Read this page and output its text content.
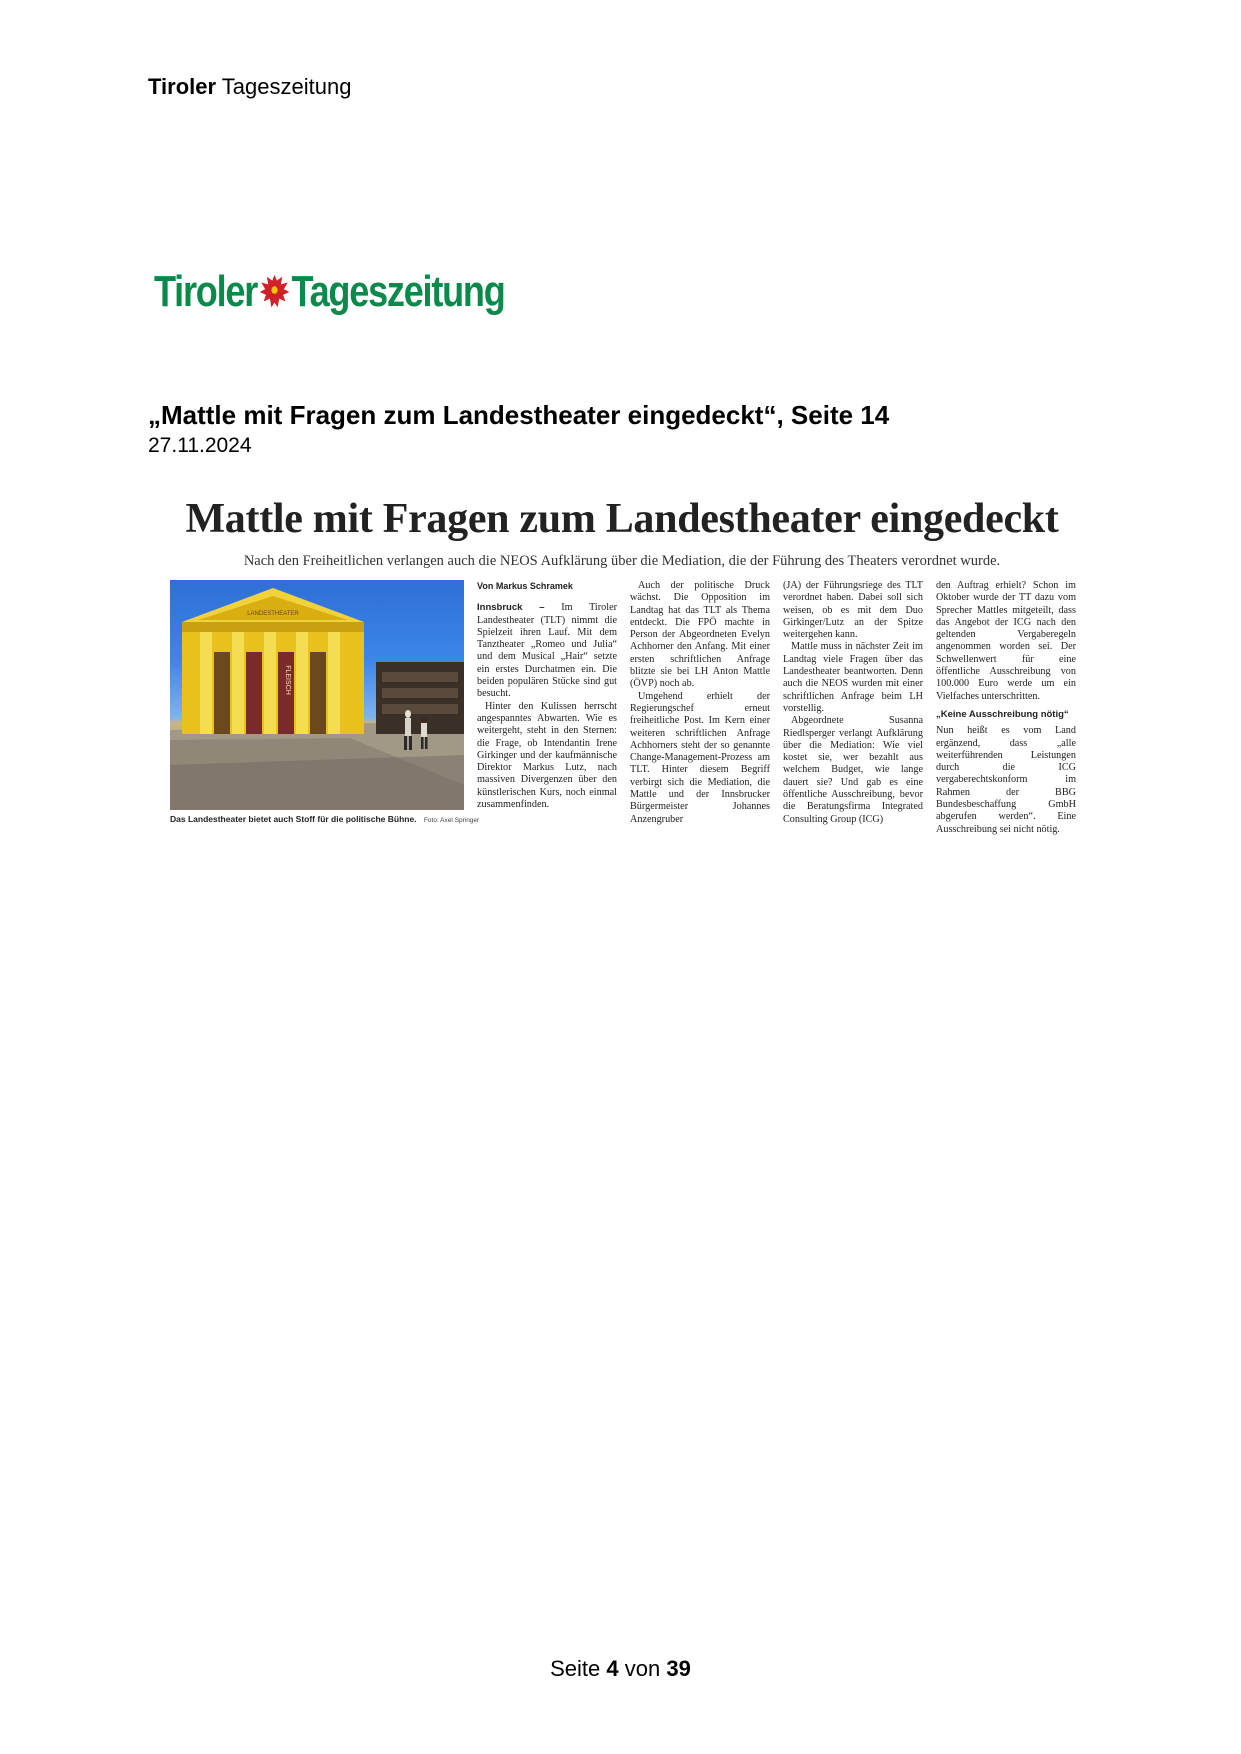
Tiroler Tageszeitung
Tiroler Tageszeitung
„Mattle mit Fragen zum Landestheater eingedeckt“, Seite 14
27.11.2024
Mattle mit Fragen zum Landestheater eingedeckt
Nach den Freiheitlichen verlangen auch die NEOS Aufklärung über die Mediation, die der Führung des Theaters verordnet wurde.
LANDESTHEATER
FLEISCH
Das Landestheater bietet auch Stoff für die politische Bühne. Foto: Axel Springer
Von Markus Schramek

Innsbruck – Im Tiroler Landestheater (TLT) nimmt die Spielzeit ihren Lauf. Mit dem Tanztheater „Romeo und Julia“ und dem Musical „Hair“ setzte ein erstes Durchatmen ein. Die beiden populären Stücke sind gut besucht.

Hinter den Kulissen herrscht angespanntes Abwarten. Wie es weitergeht, steht in den Sternen: die Frage, ob Intendantin Irene Girkinger und der kaufmännische Direktor Markus Lutz, nach massiven Divergenzen über den künstlerischen Kurs, noch einmal zusammenfinden.

Auch der politische Druck wächst. Die Opposition im Landtag hat das TLT als Thema entdeckt. Die FPÖ machte in Person der Abgeordneten Evelyn Achhorner den Anfang. Mit einer ersten schriftlichen Anfrage blitzte sie bei LH Anton Mattle (ÖVP) noch ab.

Umgehend erhielt der Regierungschef erneut freiheitliche Post. Im Kern einer weiteren schriftlichen Anfrage Achhorners steht der so genannte Change-Management-Prozess am TLT. Hinter diesem Begriff verbirgt sich die Mediation, die Mattle und der Innsbrucker Bürgermeister Johannes Anzengruber

(JA) der Führungsriege des TLT verordnet haben. Dabei soll sich weisen, ob es mit dem Duo Girkinger/Lutz an der Spitze weitergehen kann.

Mattle muss in nächster Zeit im Landtag viele Fragen über das Landestheater beantworten. Denn auch die NEOS wurden mit einer schriftlichen Anfrage beim LH vorstellig.

Abgeordnete Susanna Riedlsperger verlangt Aufklärung über die Mediation: Wie viel kostet sie, wer bezahlt aus welchem Budget, wie lange dauert sie? Und gab es eine öffentliche Ausschreibung, bevor die Beratungsfirma Integrated Consulting Group (ICG)

den Auftrag erhielt? Schon im Oktober wurde der TT dazu vom Sprecher Mattles mitgeteilt, dass das Angebot der ICG nach den geltenden Vergaberegeln angenommen worden sei. Der Schwellenwert für eine öffentliche Ausschreibung von 100.000 Euro werde um ein Vielfaches unterschritten.

„Keine Ausschreibung nötig“

Nun heißt es vom Land ergänzend, dass „alle weiterführenden Leistungen durch die ICG vergaberechtskonform im Rahmen der BBG Bundesbeschaffung GmbH abgerufen werden“. Eine Ausschreibung sei nicht nötig.

Seite 4 von 39
